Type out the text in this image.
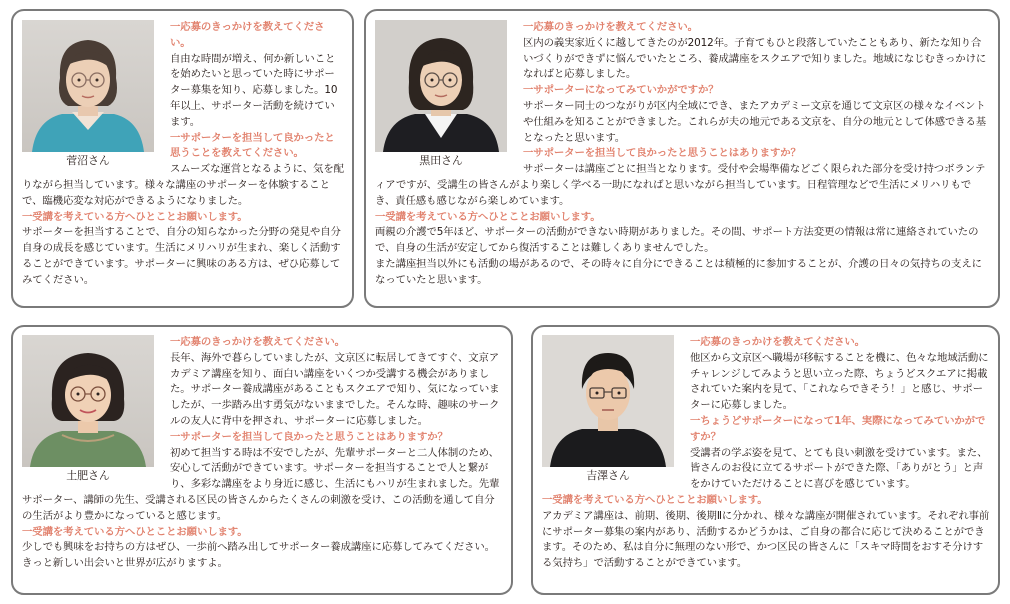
菅沼さん

一応募のきっかけを教えてください。

自由な時間が増え、何か新しいことを始めたいと思っていた時にサポーター募集を知り、応募しました。10年以上、サポーター活動を続けています。

一サポーターを担当して良かったと思うことを教えてください。

スムーズな運営となるように、気を配りながら担当しています。様々な講座のサポーターを体験することで、臨機応変な対応ができるようになりました。

一受講を考えている方へひとことお願いします。

サポーターを担当することで、自分の知らなかった分野の発見や自分自身の成長を感じています。生活にメリハリが生まれ、楽しく活動することができています。サポーターに興味のある方は、ぜひ応募してみてください。

黒田さん

一応募のきっかけを教えてください。

区内の義実家近くに越してきたのが2012年。子育てもひと段落していたこともあり、新たな知り合いづくりができずに悩んでいたところ、養成講座をスクエアで知りました。地域になじむきっかけになればと応募しました。

一サポーターになってみていかがですか？

サポーター同士のつながりが区内全域にでき、またアカデミー文京を通じて文京区の様々なイベントや仕組みを知ることができました。これらが夫の地元である文京を、自分の地元として体感できる基となったと思います。

一サポーターを担当して良かったと思うことはありますか？

サポーターは講座ごとに担当となります。受付や会場準備などごく限られた部分を受け持つボランティアですが、受講生の皆さんがより楽しく学べる一助になればと思いながら担当しています。日程管理などで生活にメリハリもでき、責任感も感じながら楽しめています。

一受講を考えている方へひとことお願いします。

両親の介護で5年ほど、サポーターの活動ができない時期がありました。その間、サポート方法変更の情報は常に連絡されていたので、自身の生活が安定してから復活することは難しくありませんでした。
また講座担当以外にも活動の場があるので、その時々に自分にできることは積極的に参加することが、介護の日々の気持ちの支えになっていたと思います。

土肥さん

一応募のきっかけを教えてください。

長年、海外で暮らしていましたが、文京区に転居してきてすぐ、文京アカデミア講座を知り、面白い講座をいくつか受講する機会がありました。サポーター養成講座があることもスクエアで知り、気になっていましたが、一歩踏み出す勇気がないままでした。そんな時、趣味のサークルの友人に背中を押され、サポーターに応募しました。

一サポーターを担当して良かったと思うことはありますか？

初めて担当する時は不安でしたが、先輩サポーターと二人体制のため、安心して活動ができています。サポーターを担当することで人と繋がり、多彩な講座をより身近に感じ、生活にもハリが生まれました。先輩サポーター、講師の先生、受講される区民の皆さんからたくさんの刺激を受け、この活動を通して自分の生活がより豊かになっていると感じます。

一受講を考えている方へひとことお願いします。

少しでも興味をお持ちの方はぜひ、一歩前へ踏み出してサポーター養成講座に応募してみてください。きっと新しい出会いと世界が広がりますよ。

吉澤さん

一応募のきっかけを教えてください。

他区から文京区へ職場が移転することを機に、色々な地域活動にチャレンジしてみようと思い立った際、ちょうどスクエアに掲載されていた案内を見て、「これならできそう！」と感じ、サポーターに応募しました。

一ちょうどサポーターになって1年、実際になってみていかがですか？

受講者の学ぶ姿を見て、とても良い刺激を受けています。また、皆さんのお役に立てるサポートができた際、「ありがとう」と声をかけていただけることに喜びを感じています。

一受講を考えている方へひとことお願いします。

アカデミア講座は、前期、後期、後期Ⅱに分かれ、様々な講座が開催されています。それぞれ事前にサポーター募集の案内があり、活動するかどうかは、ご自身の都合に応じて決めることができます。そのため、私は自分に無理のない形で、かつ区民の皆さんに「スキマ時間をおすそ分けする気持ち」で活動することができています。
